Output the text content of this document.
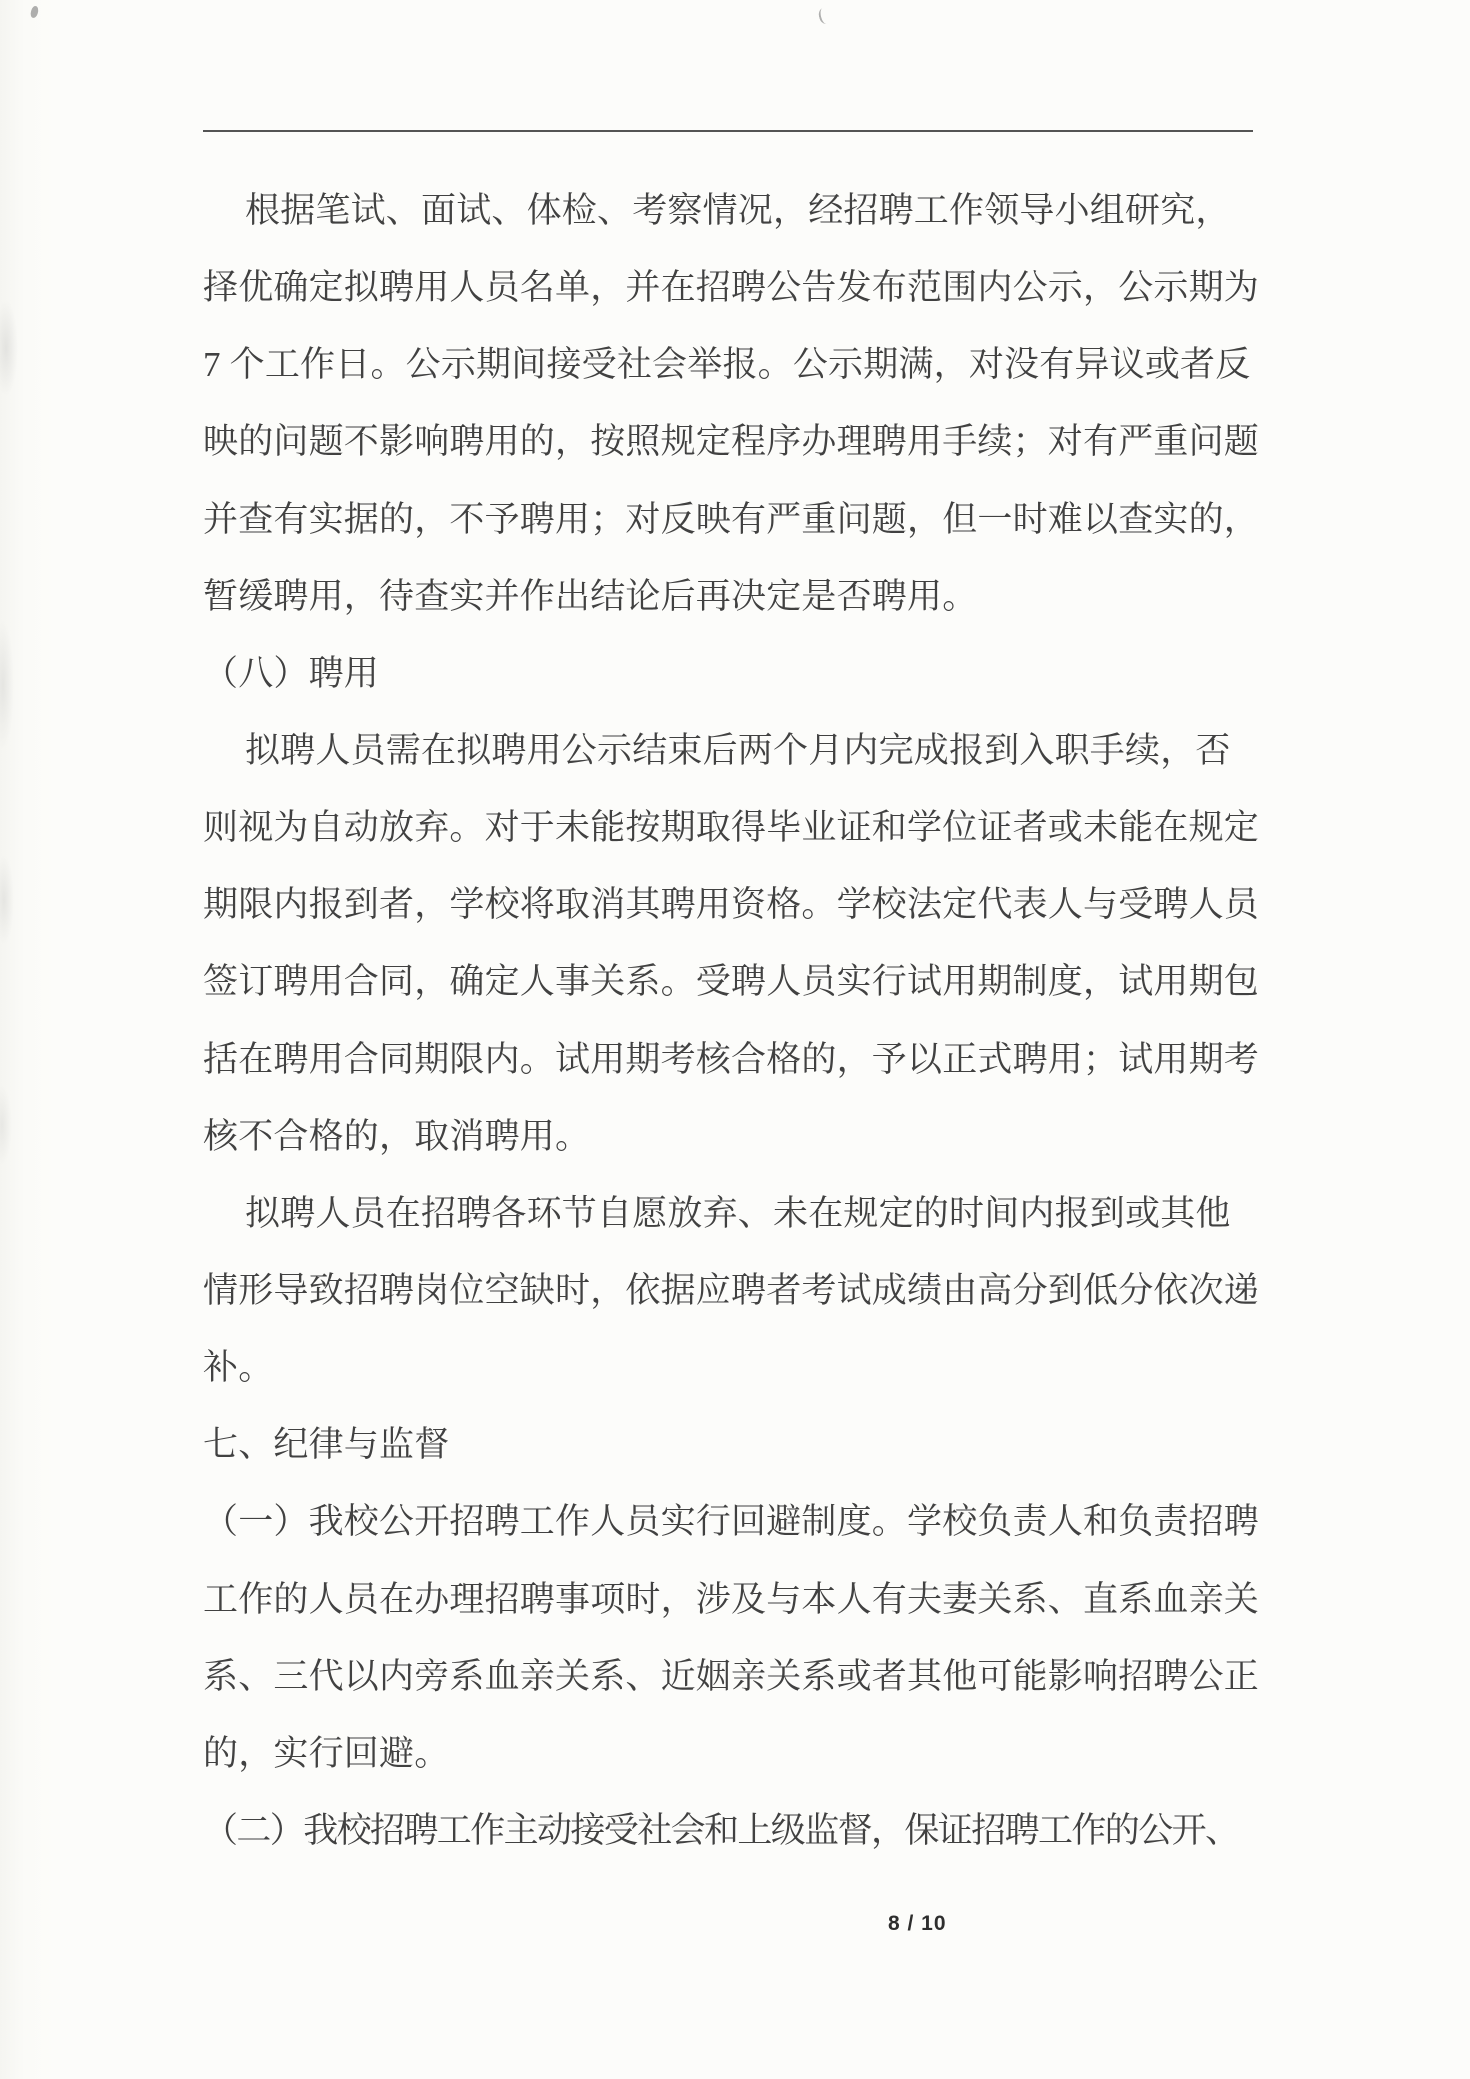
根据笔试、面试、体检、考察情况，经招聘工作领导小组研究，
择优确定拟聘用人员名单，并在招聘公告发布范围内公示，公示期为
7 个工作日。公示期间接受社会举报。公示期满，对没有异议或者反
映的问题不影响聘用的，按照规定程序办理聘用手续；对有严重问题
并查有实据的，不予聘用；对反映有严重问题，但一时难以查实的，
暂缓聘用，待查实并作出结论后再决定是否聘用。
（八）聘用
拟聘人员需在拟聘用公示结束后两个月内完成报到入职手续，否
则视为自动放弃。对于未能按期取得毕业证和学位证者或未能在规定
期限内报到者，学校将取消其聘用资格。学校法定代表人与受聘人员
签订聘用合同，确定人事关系。受聘人员实行试用期制度，试用期包
括在聘用合同期限内。试用期考核合格的，予以正式聘用；试用期考
核不合格的，取消聘用。
拟聘人员在招聘各环节自愿放弃、未在规定的时间内报到或其他
情形导致招聘岗位空缺时，依据应聘者考试成绩由高分到低分依次递
补。
七、纪律与监督
（一）我校公开招聘工作人员实行回避制度。学校负责人和负责招聘
工作的人员在办理招聘事项时，涉及与本人有夫妻关系、直系血亲关
系、三代以内旁系血亲关系、近姻亲关系或者其他可能影响招聘公正
的，实行回避。
（二）我校招聘工作主动接受社会和上级监督，保证招聘工作的公开、
8 / 10
